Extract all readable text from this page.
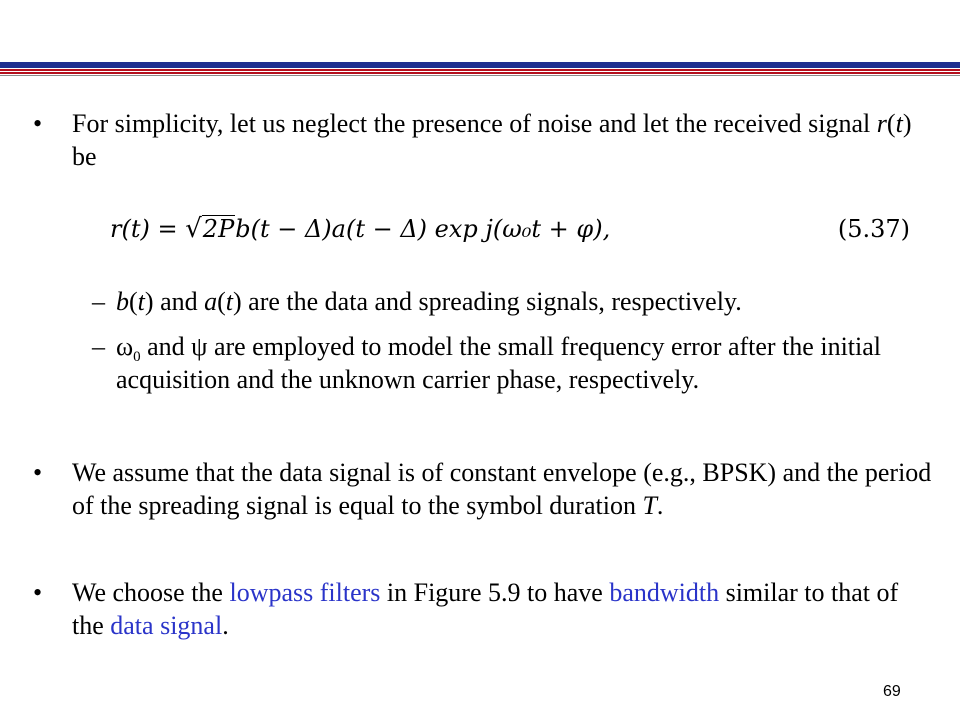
• For simplicity, let us neglect the presence of noise and let the received signal r(t) be
r(t) = √2Pb(t − Δ)a(t − Δ) exp j(ω₀t + φ),	(5.37)
– b(t) and a(t) are the data and spreading signals, respectively.
– $\omega_0$ and ψ are employed to model the small frequency error after the initial acquisition and the unknown carrier phase, respectively.
• We assume that the data signal is of constant envelope (e.g., BPSK) and the period of the spreading signal is equal to the symbol duration T.
• We choose the lowpass filters in Figure 5.9 to have bandwidth similar to that of the data signal.
69
